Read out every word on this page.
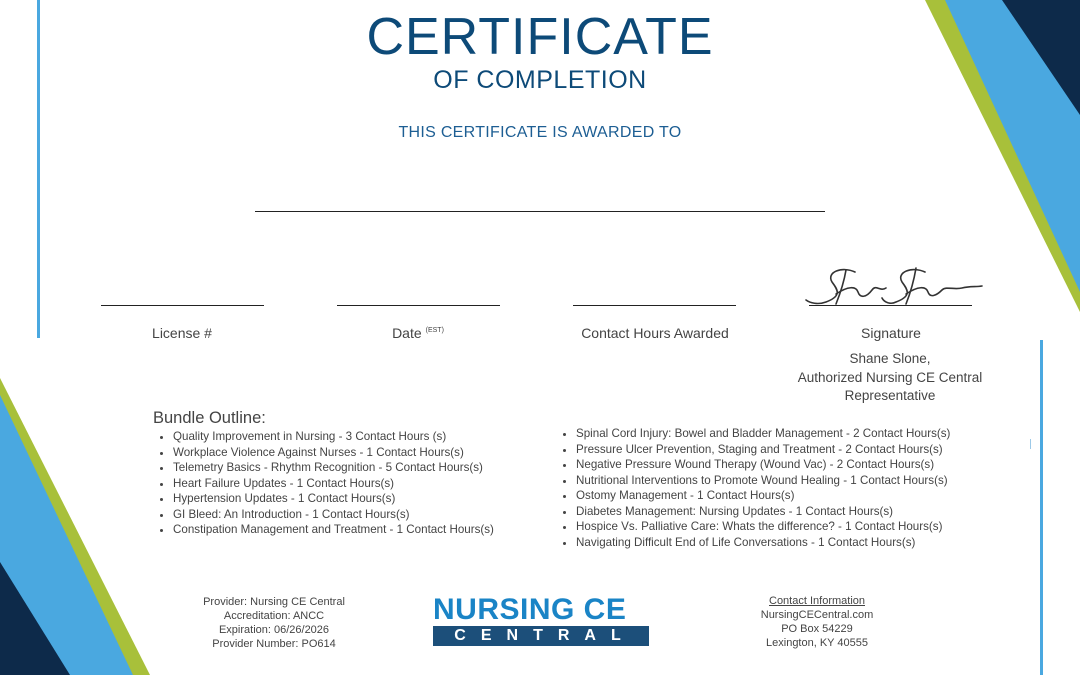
CERTIFICATE
OF COMPLETION
THIS CERTIFICATE IS AWARDED TO
License #	Date $^{(EST)}$	Contact Hours Awarded	Signature
Shane Slone,
Authorized Nursing CE Central
Representative
Bundle Outline:
• Quality Improvement in Nursing - 3 Contact Hours (s)
• Workplace Violence Against Nurses - 1 Contact Hours(s)
• Telemetry Basics - Rhythm Recognition - 5 Contact Hours(s)
• Heart Failure Updates - 1 Contact Hours(s)
• Hypertension Updates - 1 Contact Hours(s)
• GI Bleed: An Introduction - 1 Contact Hours(s)
• Constipation Management and Treatment - 1 Contact Hours(s)
• Spinal Cord Injury: Bowel and Bladder Management - 2 Contact Hours(s)
• Pressure Ulcer Prevention, Staging and Treatment - 2 Contact Hours(s)
• Negative Pressure Wound Therapy (Wound Vac) - 2 Contact Hours(s)
• Nutritional Interventions to Promote Wound Healing - 1 Contact Hours(s)
• Ostomy Management - 1 Contact Hours(s)
• Diabetes Management: Nursing Updates - 1 Contact Hours(s)
• Hospice Vs. Palliative Care: Whats the difference? - 1 Contact Hours(s)
• Navigating Difficult End of Life Conversations - 1 Contact Hours(s)
Provider: Nursing CE Central
Accreditation: ANCC
Expiration: 06/26/2026
Provider Number: PO614
NURSING CE
CENTRAL
Contact Information
NursingCECentral.com
PO Box 54229
Lexington, KY 40555
